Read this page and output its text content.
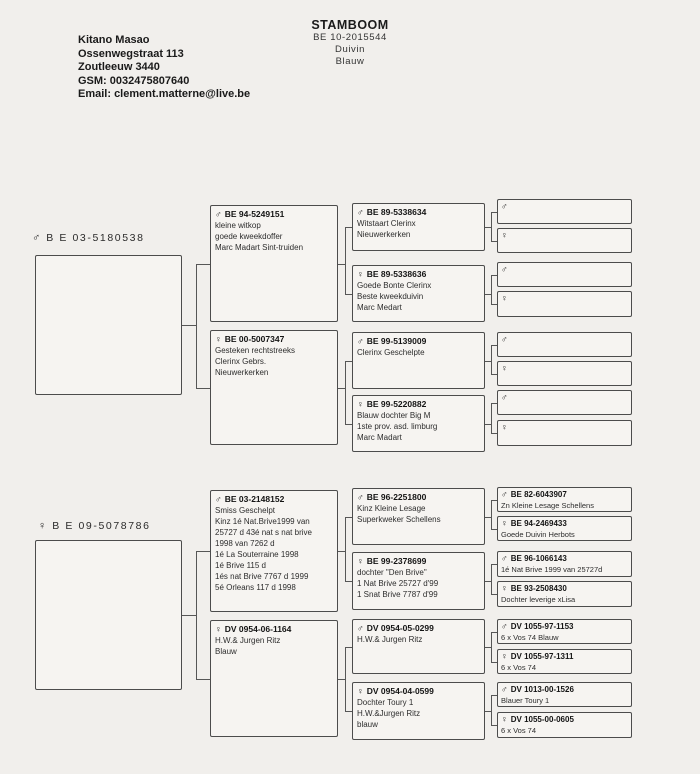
Kitano Masao
Ossenwegstraat 113
Zoutleeuw 3440
GSM: 0032475807640
Email: clement.matterne@live.be
STAMBOOM
BE 10-2015544
Duivin
Blauw
♂ B E 03-5180538
♂ BE 94-5249151
kleine witkop
goede kweekdoffer
Marc Madart Sint-truiden
♀ BE 00-5007347
Gesteken rechtstreeks
Clerinx Gebrs.
Nieuwerkerken
♂ BE 89-5338634
Witstaart Clerinx
Nieuwerkerken
♀ BE 89-5338636
Goede Bonte Clerinx
Beste kweekduivin
Marc Medart
♂ BE 99-5139009
Clerinx Geschelpte
♀ BE 99-5220882
Blauw dochter Big M
1ste prov. asd. limburg
Marc Madart
♂
♀
♂
♀
♂
♀
♂
♀
♀ B E 09-5078786
♂ BE 03-2148152
Smiss Geschelpt
Kinz 1é Nat.Brive1999 van
25727 d 43é nat s nat brive
1998 van 7262 d
1é La Souterraine 1998
1é Brive 115 d
1és nat Brive 7767 d 1999
5é Orleans 117 d 1998
♀ DV 0954-06-1164
H.W.& Jurgen Ritz
Blauw
♂ BE 96-2251800
Kinz Kleine Lesage
Superkweker Schellens
♀ BE 99-2378699
dochter "Den Brive"
1 Nat Brive 25727 d'99
1 Snat Brive 7787 d'99
♂ DV 0954-05-0299
H.W.& Jurgen Ritz
♀ DV 0954-04-0599
Dochter Toury 1
H.W.&Jurgen Ritz
blauw
♂ BE 82-6043907
Zn Kleine Lesage Schellens
♀ BE 94-2469433
Goede Duivin Herbots
♂ BE 96-1066143
1é Nat Brive 1999 van 25727d
♀ BE 93-2508430
Dochter leverige xLisa
♂ DV 1055-97-1153
6 x Vos 74 Blauw
♀ DV 1055-97-1311
6 x Vos 74
♂ DV 1013-00-1526
Blauer Toury 1
♀ DV 1055-00-0605
6 x Vos 74
